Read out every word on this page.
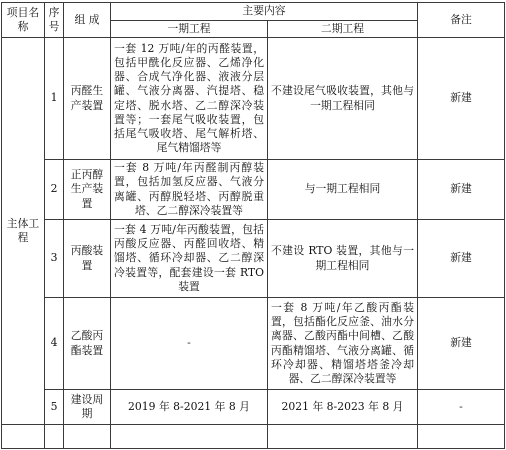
项目名称	序号	组 成	主要内容		备注
			一期工程	二期工程	

主体工程	1	丙醛生产装置	一套 12 万吨/年的丙醛装置，包括甲酰化反应器、乙烯净化器、合成气净化器、液液分层罐、气液分离器、汽提塔、稳定塔、脱水塔、乙二醇深冷装置等；一套尾气吸收装置，包括尾气吸收塔、尾气解析塔、尾气精馏塔等	不建设尾气吸收装置，其他与一期工程相同	新建
	2	正丙醇生产装置	一套 8 万吨/年丙醛制丙醇装置，包括加氢反应器、气液分离罐、丙醇脱轻塔、丙醇脱重塔、乙二醇深冷装置等	与一期工程相同	新建
	3	丙酸装置	一套 4 万吨/年丙酸装置，包括丙酸反应器、丙醛回收塔、精馏塔、循环冷却器、乙二醇深冷装置等，配套建设一套 RTO 装置	不建设 RTO 装置，其他与一期工程相同	新建
	4	乙酸丙酯装置	-	一套 8 万吨/年乙酸丙酯装置，包括酯化反应釜、油水分离器、乙酸丙酯中间槽、乙酸丙酯精馏塔、气液分离罐、循环冷却器、精馏塔塔釜冷却器、乙二醇深冷装置等	新建
	5	建设周期	2019 年 8-2021 年 8 月	2021 年 8-2023 年 8 月	-
